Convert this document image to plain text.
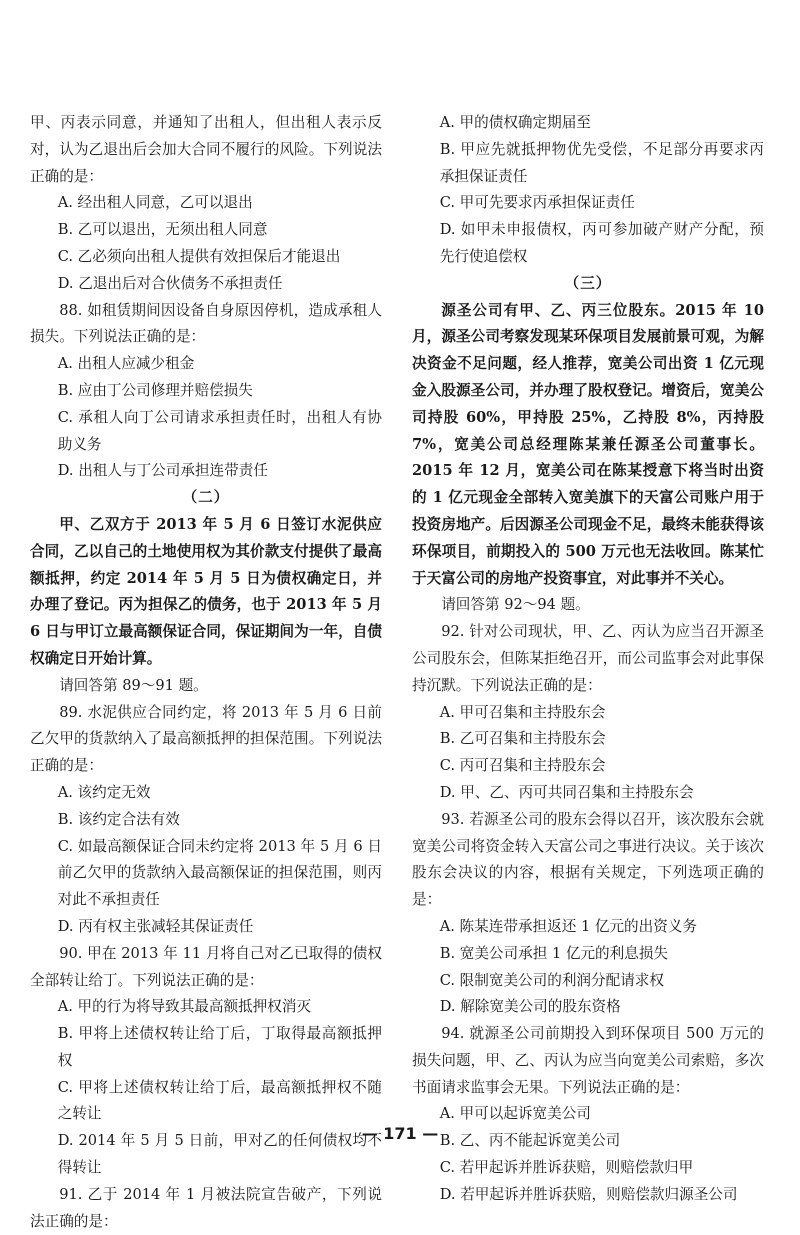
甲、丙表示同意，并通知了出租人，但出租人表示反对，认为乙退出后会加大合同不履行的风险。下列说法正确的是：

A. 经出租人同意，乙可以退出

B. 乙可以退出，无须出租人同意

C. 乙必须向出租人提供有效担保后才能退出

D. 乙退出后对合伙债务不承担责任

88. 如租赁期间因设备自身原因停机，造成承租人损失。下列说法正确的是：

A. 出租人应减少租金

B. 应由丁公司修理并赔偿损失

C. 承租人向丁公司请求承担责任时，出租人有协助义务

D. 出租人与丁公司承担连带责任

（二）

甲、乙双方于 2013 年 5 月 6 日签订水泥供应合同，乙以自己的土地使用权为其价款支付提供了最高额抵押，约定 2014 年 5 月 5 日为债权确定日，并办理了登记。丙为担保乙的债务，也于 2013 年 5 月 6 日与甲订立最高额保证合同，保证期间为一年，自债权确定日开始计算。

请回答第 89～91 题。

89. 水泥供应合同约定，将 2013 年 5 月 6 日前乙欠甲的货款纳入了最高额抵押的担保范围。下列说法正确的是：

A. 该约定无效

B. 该约定合法有效

C. 如最高额保证合同未约定将 2013 年 5 月 6 日前乙欠甲的货款纳入最高额保证的担保范围，则丙对此不承担责任

D. 丙有权主张减轻其保证责任

90. 甲在 2013 年 11 月将自己对乙已取得的债权全部转让给丁。下列说法正确的是：

A. 甲的行为将导致其最高额抵押权消灭

B. 甲将上述债权转让给丁后，丁取得最高额抵押权

C. 甲将上述债权转让给丁后，最高额抵押权不随之转让

D. 2014 年 5 月 5 日前，甲对乙的任何债权均不得转让

91. 乙于 2014 年 1 月被法院宣告破产，下列说法正确的是：

A. 甲的债权确定期届至

B. 甲应先就抵押物优先受偿，不足部分再要求丙承担保证责任

C. 甲可先要求丙承担保证责任

D. 如甲未申报债权，丙可参加破产财产分配，预先行使追偿权

（三）

源圣公司有甲、乙、丙三位股东。2015 年 10 月，源圣公司考察发现某环保项目发展前景可观，为解决资金不足问题，经人推荐，宽美公司出资 1 亿元现金入股源圣公司，并办理了股权登记。增资后，宽美公司持股 60%，甲持股 25%，乙持股 8%，丙持股 7%，宽美公司总经理陈某兼任源圣公司董事长。2015 年 12 月，宽美公司在陈某授意下将当时出资的 1 亿元现金全部转入宽美旗下的天富公司账户用于投资房地产。后因源圣公司现金不足，最终未能获得该环保项目，前期投入的 500 万元也无法收回。陈某忙于天富公司的房地产投资事宜，对此事并不关心。

请回答第 92～94 题。

92. 针对公司现状，甲、乙、丙认为应当召开源圣公司股东会，但陈某拒绝召开，而公司监事会对此事保持沉默。下列说法正确的是：

A. 甲可召集和主持股东会

B. 乙可召集和主持股东会

C. 丙可召集和主持股东会

D. 甲、乙、丙可共同召集和主持股东会

93. 若源圣公司的股东会得以召开，该次股东会就宽美公司将资金转入天富公司之事进行决议。关于该次股东会决议的内容，根据有关规定，下列选项正确的是：

A. 陈某连带承担返还 1 亿元的出资义务

B. 宽美公司承担 1 亿元的利息损失

C. 限制宽美公司的利润分配请求权

D. 解除宽美公司的股东资格

94. 就源圣公司前期投入到环保项目 500 万元的损失问题，甲、乙、丙认为应当向宽美公司索赔，多次书面请求监事会无果。下列说法正确的是：

A. 甲可以起诉宽美公司

B. 乙、丙不能起诉宽美公司

C. 若甲起诉并胜诉获赔，则赔偿款归甲

D. 若甲起诉并胜诉获赔，则赔偿款归源圣公司

— 171 —
